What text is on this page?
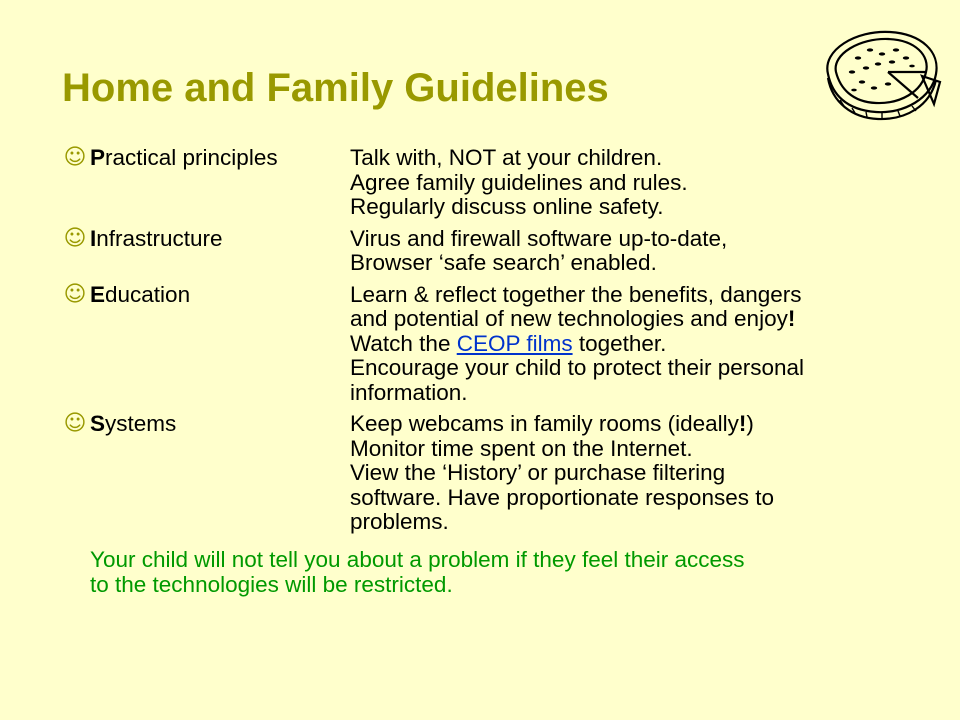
Home and Family Guidelines
☺ Practical principles	Talk with, NOT at your children.
Agree family guidelines and rules.
Regularly discuss online safety.
☺ Infrastructure	Virus and firewall software up-to-date,
Browser ‘safe search’ enabled.
☺ Education	Learn & reflect together the benefits, dangers
and potential of new technologies and enjoy!
Watch the CEOP films together.
Encourage your child to protect their personal
information.
☺ Systems	Keep webcams in family rooms (ideally!)
Monitor time spent on the Internet.
View the ‘History’ or purchase filtering
software. Have proportionate responses to
problems.
Your child will not tell you about a problem if they feel their access
to the technologies will be restricted.
